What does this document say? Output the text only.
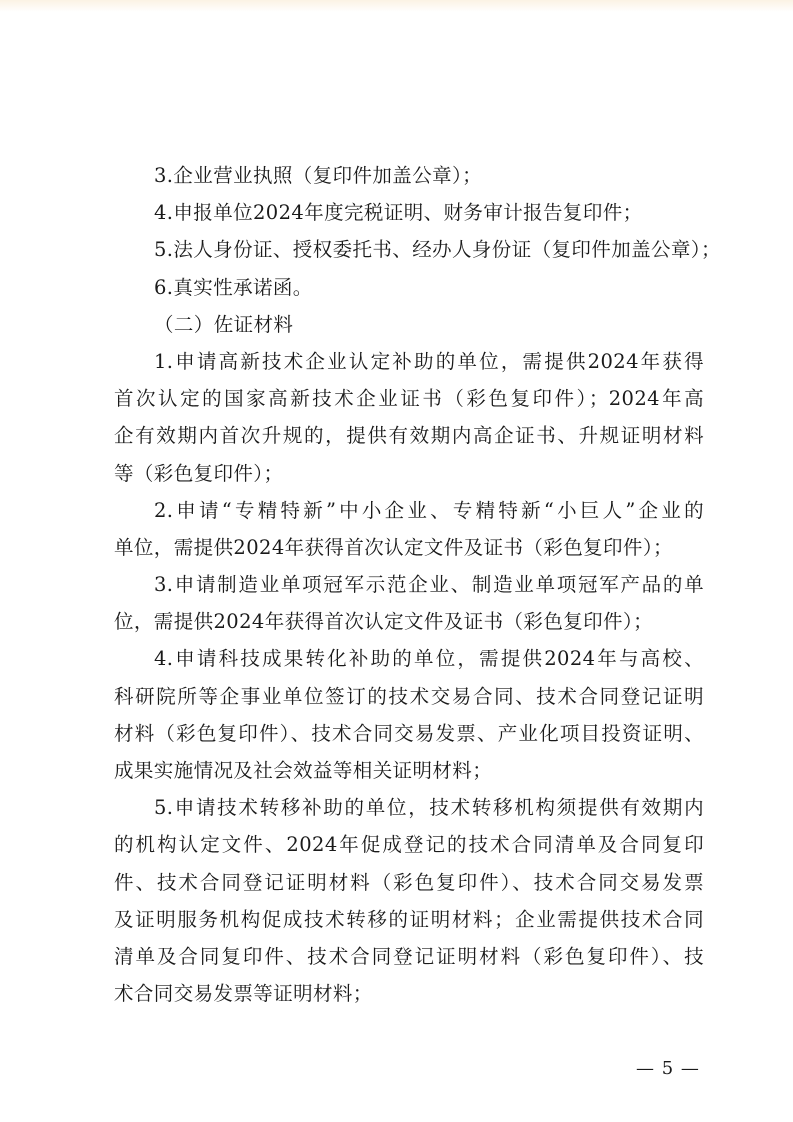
3.企业营业执照（复印件加盖公章）；
4.申报单位2024年度完税证明、财务审计报告复印件；
5.法人身份证、授权委托书、经办人身份证（复印件加盖公章）；
6.真实性承诺函。
（二）佐证材料
1.申请高新技术企业认定补助的单位，需提供2024年获得
首次认定的国家高新技术企业证书（彩色复印件）；2024年高
企有效期内首次升规的，提供有效期内高企证书、升规证明材料
等（彩色复印件）；
2.申请“专精特新”中小企业、专精特新“小巨人”企业的
单位，需提供2024年获得首次认定文件及证书（彩色复印件）；
3.申请制造业单项冠军示范企业、制造业单项冠军产品的单
位，需提供2024年获得首次认定文件及证书（彩色复印件）；
4.申请科技成果转化补助的单位，需提供2024年与高校、
科研院所等企事业单位签订的技术交易合同、技术合同登记证明
材料（彩色复印件）、技术合同交易发票、产业化项目投资证明、
成果实施情况及社会效益等相关证明材料；
5.申请技术转移补助的单位，技术转移机构须提供有效期内
的机构认定文件、2024年促成登记的技术合同清单及合同复印
件、技术合同登记证明材料（彩色复印件）、技术合同交易发票
及证明服务机构促成技术转移的证明材料；企业需提供技术合同
清单及合同复印件、技术合同登记证明材料（彩色复印件）、技
术合同交易发票等证明材料；
— 5 —
